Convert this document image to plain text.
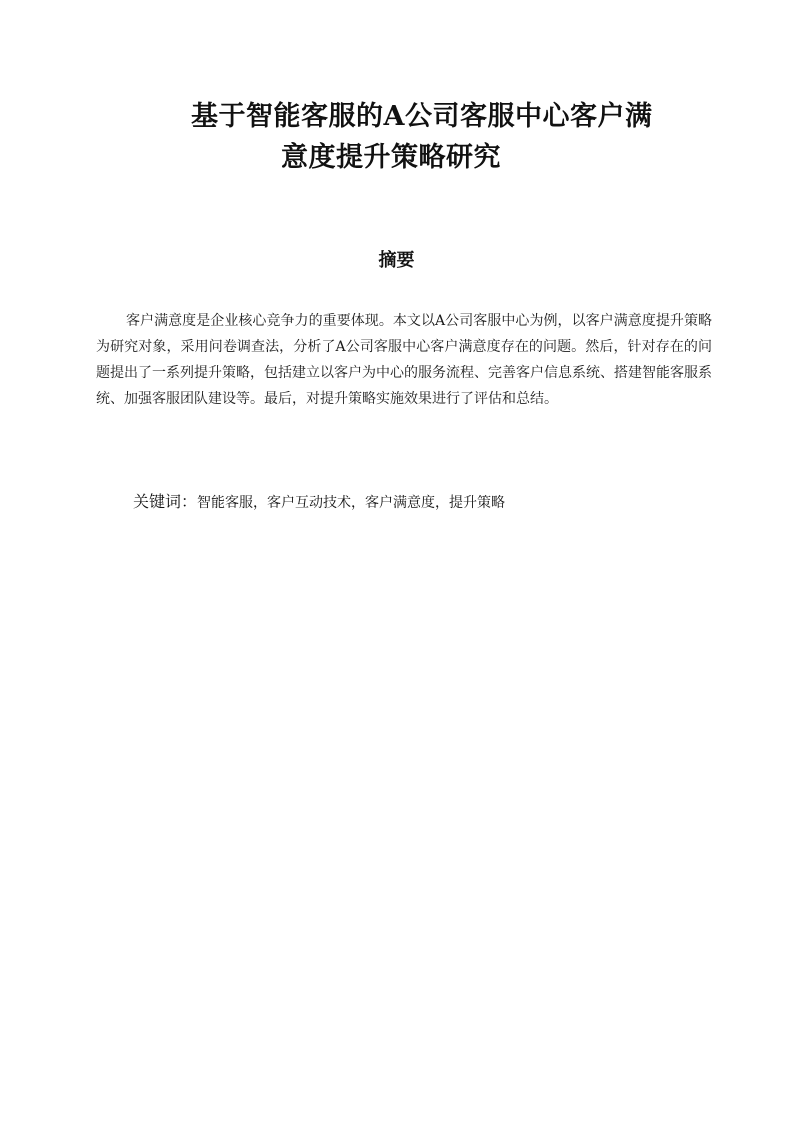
基于智能客服的A公司客服中心客户满
意度提升策略研究
摘要

客户满意度是企业核心竞争力的重要体现。本文以A公司客服中心为例，以客户满意度提升策略为研究对象，采用问卷调查法，分析了A公司客服中心客户满意度存在的问题。然后，针对存在的问题提出了一系列提升策略，包括建立以客户为中心的服务流程、完善客户信息系统、搭建智能客服系统、加强客服团队建设等。最后，对提升策略实施效果进行了评估和总结。

关键词：智能客服，客户互动技术，客户满意度，提升策略
